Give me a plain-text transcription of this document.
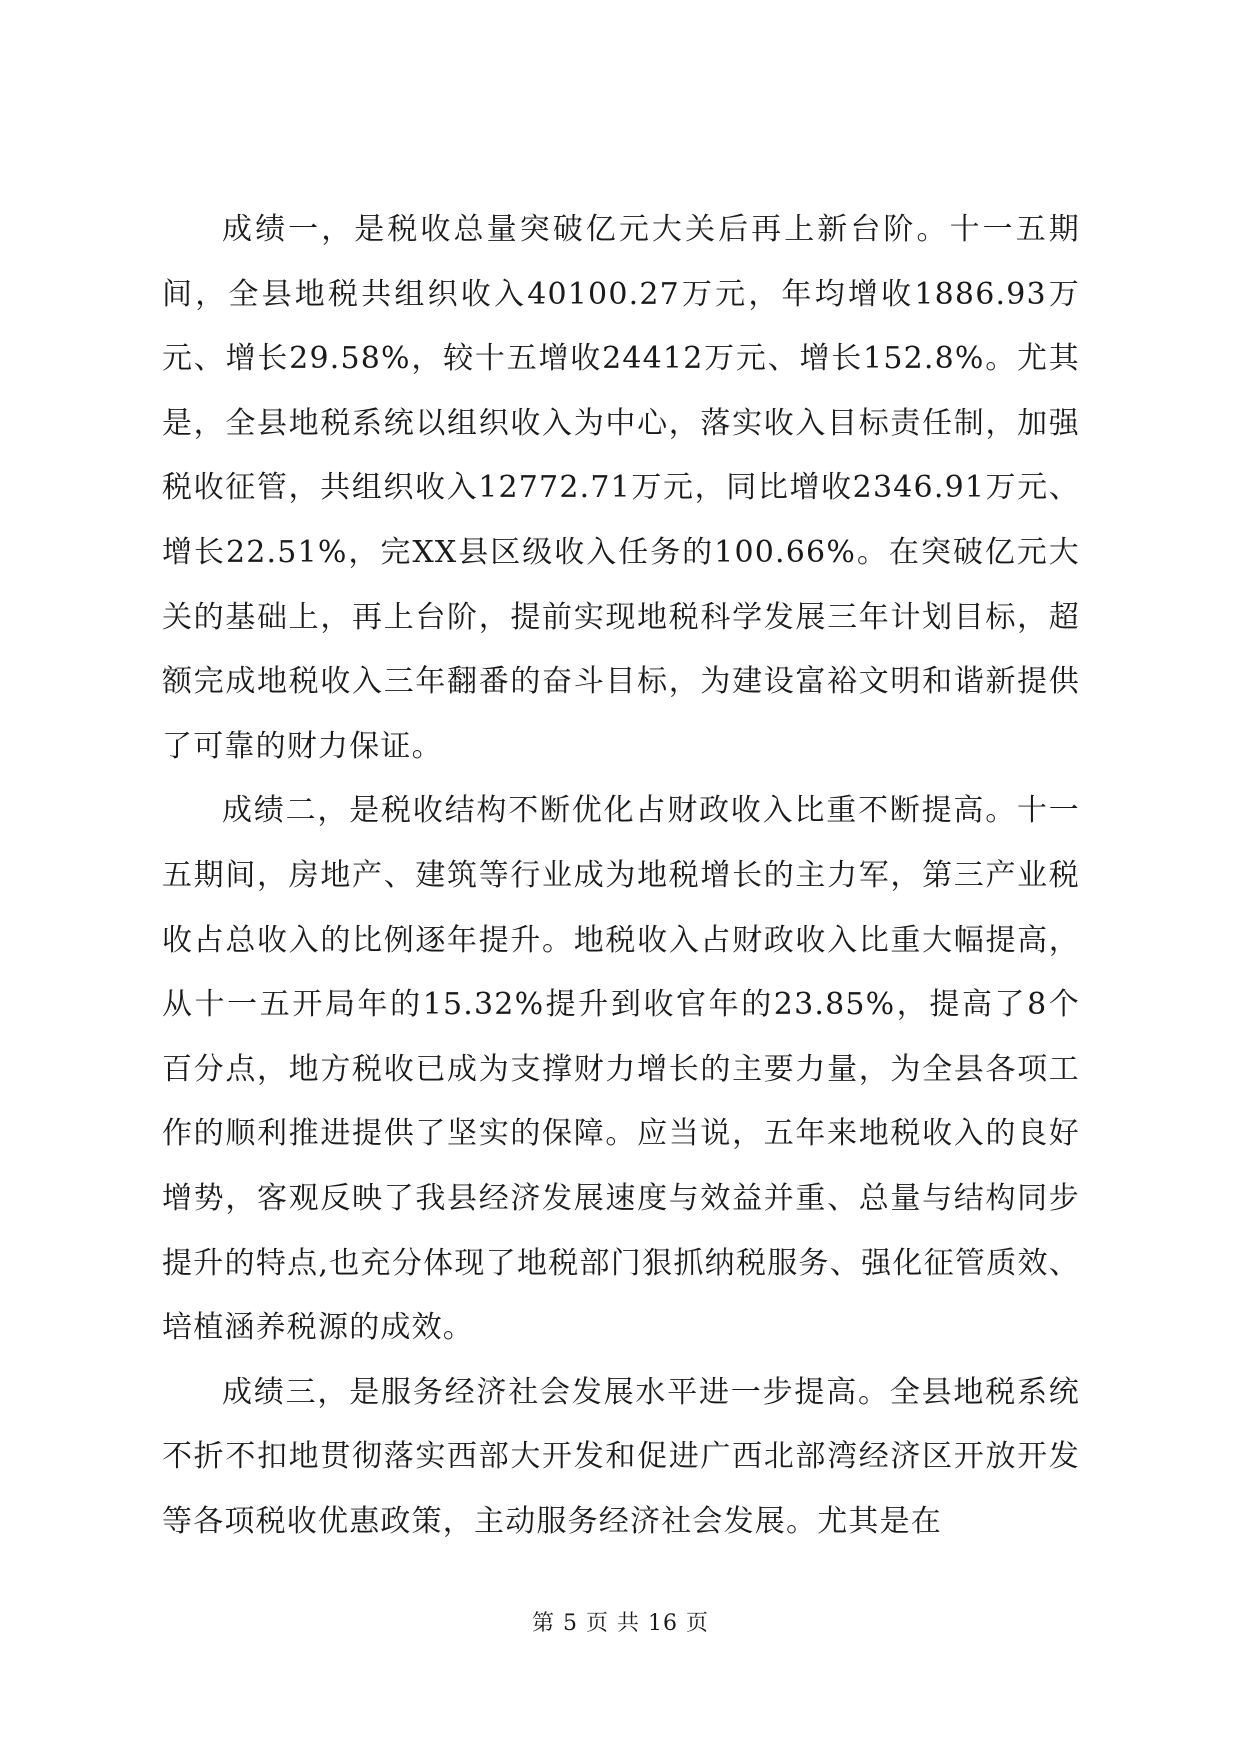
成绩一，是税收总量突破亿元大关后再上新台阶。十一五期间，全县地税共组织收入40100.27万元，年均增收1886.93万元、增长29.58%，较十五增收24412万元、增长152.8%。尤其是，全县地税系统以组织收入为中心，落实收入目标责任制，加强税收征管，共组织收入12772.71万元，同比增收2346.91万元、增长22.51%，完XX县区级收入任务的100.66%。在突破亿元大关的基础上，再上台阶，提前实现地税科学发展三年计划目标，超额完成地税收入三年翻番的奋斗目标，为建设富裕文明和谐新提供了可靠的财力保证。

成绩二，是税收结构不断优化占财政收入比重不断提高。十一五期间，房地产、建筑等行业成为地税增长的主力军，第三产业税收占总收入的比例逐年提升。地税收入占财政收入比重大幅提高，从十一五开局年的15.32%提升到收官年的23.85%，提高了8个百分点，地方税收已成为支撑财力增长的主要力量，为全县各项工作的顺利推进提供了坚实的保障。应当说，五年来地税收入的良好增势，客观反映了我县经济发展速度与效益并重、总量与结构同步提升的特点,也充分体现了地税部门狠抓纳税服务、强化征管质效、培植涵养税源的成效。

成绩三，是服务经济社会发展水平进一步提高。全县地税系统不折不扣地贯彻落实西部大开发和促进广西北部湾经济区开放开发等各项税收优惠政策，主动服务经济社会发展。尤其是在

第 5 页 共 16 页
